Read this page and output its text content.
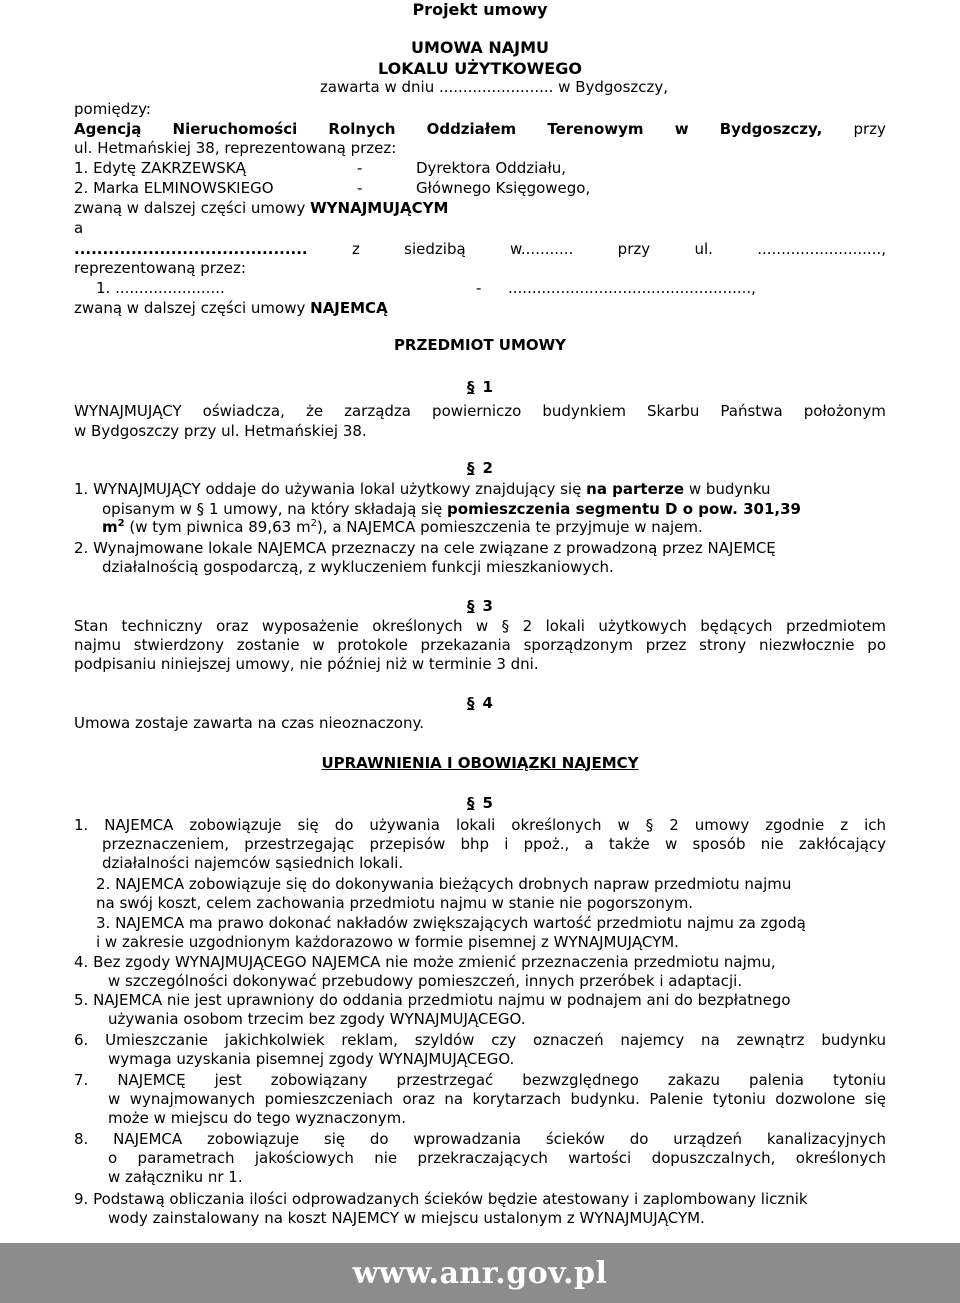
Projekt umowy
UMOWA NAJMU
LOKALU UŻYTKOWEGO
zawarta w dniu ........................ w Bydgoszczy,
pomiędzy:
Agencją Nieruchomości Rolnych Oddziałem Terenowym w Bydgoszczy, przy
ul. Hetmańskiej 38, reprezentowaną przez:
1. Edytę ZAKRZEWSKĄ	-	Dyrektora Oddziału,
2. Marka ELMINOWSKIEGO	-	Głównego Księgowego,
zwaną w dalszej części umowy WYNAJMUJĄCYM
a
.........................................	z	siedzibą	w...........	przy	ul.	..........................,
reprezentowaną przez:
1. .......................	- ...................................................,
zwaną w dalszej części umowy NAJEMCĄ
PRZEDMIOT UMOWY
§ 1
WYNAJMUJĄCY oświadcza, że zarządza powierniczo budynkiem Skarbu Państwa położonym
w Bydgoszczy przy ul. Hetmańskiej 38.
§ 2
1. WYNAJMUJĄCY oddaje do używania lokal użytkowy znajdujący się na parterze w budynku
opisanym w § 1 umowy, na który składają się pomieszczenia segmentu D o pow. 301,39
$m^2$ (w tym piwnica 89,63 $m^2$), a NAJEMCA pomieszczenia te przyjmuje w najem.
2. Wynajmowane lokale NAJEMCA przeznaczy na cele związane z prowadzoną przez NAJEMCĘ
działalnością gospodarczą, z wykluczeniem funkcji mieszkaniowych.
§ 3
Stan techniczny oraz wyposażenie określonych w § 2 lokali użytkowych będących przedmiotem
najmu stwierdzony zostanie w protokole przekazania sporządzonym przez strony niezwłocznie po
podpisaniu niniejszej umowy, nie później niż w terminie 3 dni.
§ 4
Umowa zostaje zawarta na czas nieoznaczony.
UPRAWNIENIA I OBOWIĄZKI NAJEMCY
§ 5
1. NAJEMCA zobowiązuje się do używania lokali określonych w § 2 umowy zgodnie z ich
przeznaczeniem, przestrzegając przepisów bhp i ppoż., a także w sposób nie zakłócający
działalności najemców sąsiednich lokali.
2. NAJEMCA zobowiązuje się do dokonywania bieżących drobnych napraw przedmiotu najmu
na swój koszt, celem zachowania przedmiotu najmu w stanie nie pogorszonym.
3. NAJEMCA ma prawo dokonać nakładów zwiększających wartość przedmiotu najmu za zgodą
i w zakresie uzgodnionym każdorazowo w formie pisemnej z WYNAJMUJĄCYM.
4. Bez zgody WYNAJMUJĄCEGO NAJEMCA nie może zmienić przeznaczenia przedmiotu najmu,
w szczególności dokonywać przebudowy pomieszczeń, innych przeróbek i adaptacji.
5. NAJEMCA nie jest uprawniony do oddania przedmiotu najmu w podnajem ani do bezpłatnego
używania osobom trzecim bez zgody WYNAJMUJĄCEGO.
6. Umieszczanie jakichkolwiek reklam, szyldów czy oznaczeń najemcy na zewnątrz budynku
wymaga uzyskania pisemnej zgody WYNAJMUJĄCEGO.
7. NAJEMCĘ jest zobowiązany przestrzegać bezwzględnego zakazu palenia tytoniu
w wynajmowanych pomieszczeniach oraz na korytarzach budynku. Palenie tytoniu dozwolone się
może w miejscu do tego wyznaczonym.
8. NAJEMCA zobowiązuje się do wprowadzania ścieków do urządzeń kanalizacyjnych
o parametrach jakościowych nie przekraczających wartości dopuszczalnych, określonych
w załączniku nr 1.
9. Podstawą obliczania ilości odprowadzanych ścieków będzie atestowany i zaplombowany licznik
wody zainstalowany na koszt NAJEMCY w miejscu ustalonym z WYNAJMUJĄCYM.
www.anr.gov.pl
